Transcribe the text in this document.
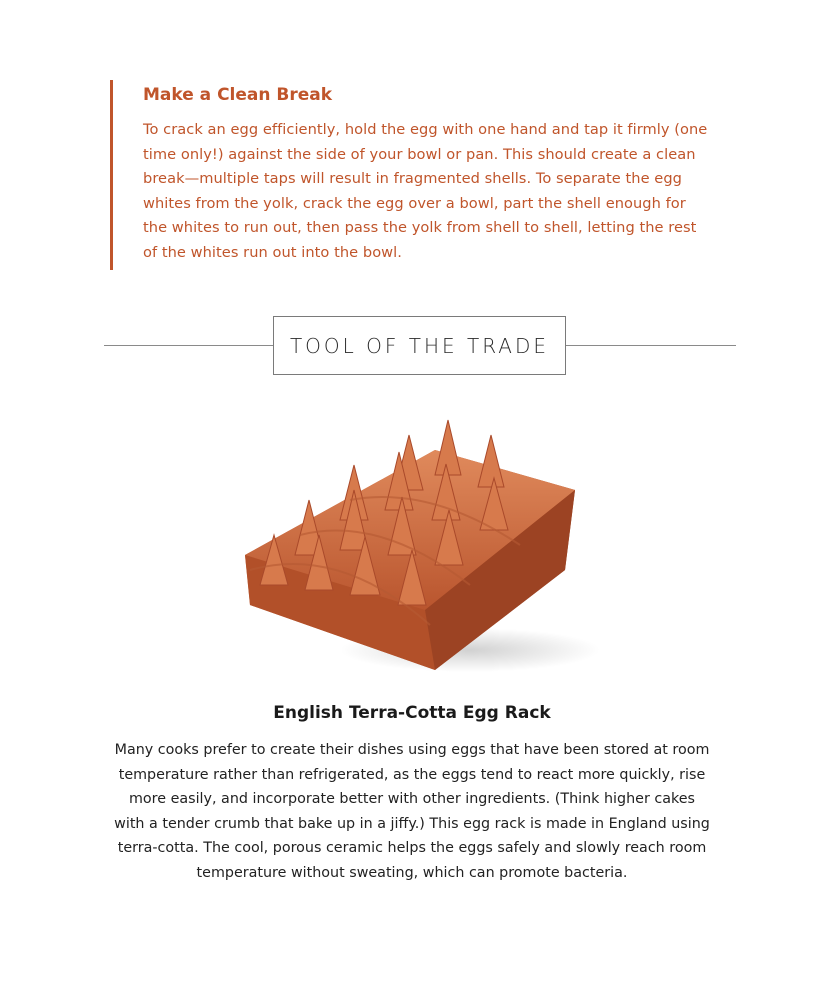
Make a Clean Break

To crack an egg efficiently, hold the egg with one hand and tap it firmly (one time only!) against the side of your bowl or pan. This should create a clean break—multiple taps will result in fragmented shells. To separate the egg whites from the yolk, crack the egg over a bowl, part the shell enough for the whites to run out, then pass the yolk from shell to shell, letting the rest of the whites run out into the bowl.

TOOL OF THE TRADE
English Terra-Cotta Egg Rack

Many cooks prefer to create their dishes using eggs that have been stored at room temperature rather than refrigerated, as the eggs tend to react more quickly, rise more easily, and incorporate better with other ingredients. (Think higher cakes with a tender crumb that bake up in a jiffy.) This egg rack is made in England using terra-cotta. The cool, porous ceramic helps the eggs safely and slowly reach room temperature without sweating, which can promote bacteria.
